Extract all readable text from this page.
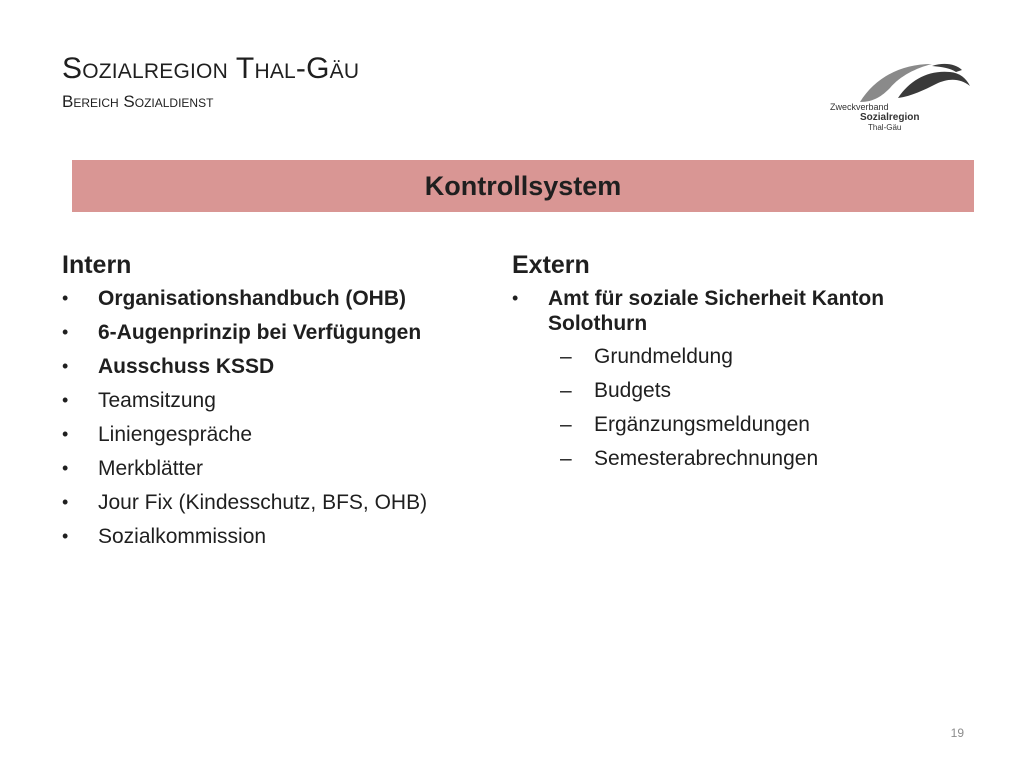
Sozialregion Thal-Gäu
Bereich Sozialdienst	Zweckverband
Sozialregion
Thal-Gäu
Kontrollsystem
Intern
• Organisationshandbuch (OHB)
• 6-Augenprinzip bei Verfügungen
• Ausschuss KSSD
• Teamsitzung
• Liniengespräche
• Merkblätter
• Jour Fix (Kindesschutz, BFS, OHB)
• Sozialkommission
Extern
• Amt für soziale Sicherheit Kanton Solothurn
– Grundmeldung
– Budgets
– Ergänzungsmeldungen
– Semesterabrechnungen
19
